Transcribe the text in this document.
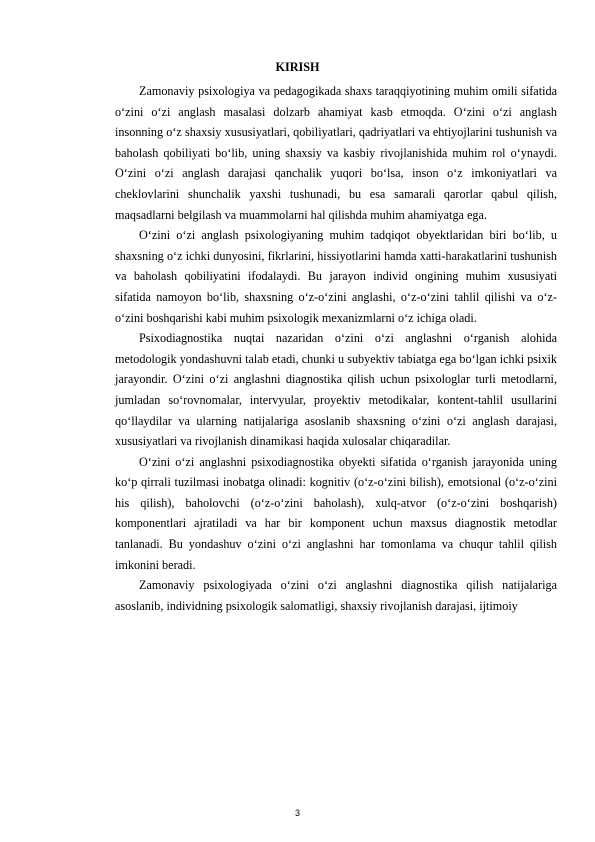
KIRISH

Zamonaviy psixologiya va pedagogikada shaxs taraqqiyotining muhim omili sifatida o‘zini o‘zi anglash masalasi dolzarb ahamiyat kasb etmoqda. O‘zini o‘zi anglash insonning o‘z shaxsiy xususiyatlari, qobiliyatlari, qadriyatlari va ehtiyojlarini tushunish va baholash qobiliyati bo‘lib, uning shaxsiy va kasbiy rivojlanishida muhim rol o‘ynaydi. O‘zini o‘zi anglash darajasi qanchalik yuqori bo‘lsa, inson o‘z imkoniyatlari va cheklovlarini shunchalik yaxshi tushunadi, bu esa samarali qarorlar qabul qilish, maqsadlarni belgilash va muammolarni hal qilishda muhim ahamiyatga ega.

O‘zini o‘zi anglash psixologiyaning muhim tadqiqot obyektlaridan biri bo‘lib, u shaxsning o‘z ichki dunyosini, fikrlarini, hissiyotlarini hamda xatti-harakatlarini tushunish va baholash qobiliyatini ifodalaydi. Bu jarayon individ ongining muhim xususiyati sifatida namoyon bo‘lib, shaxsning o‘z-o‘zini anglashi, o‘z-o‘zini tahlil qilishi va o‘z-o‘zini boshqarishi kabi muhim psixologik mexanizmlarni o‘z ichiga oladi.

Psixodiagnostika nuqtai nazaridan o‘zini o‘zi anglashni o‘rganish alohida metodologik yondashuvni talab etadi, chunki u subyektiv tabiatga ega bo‘lgan ichki psixik jarayondir. O‘zini o‘zi anglashni diagnostika qilish uchun psixologlar turli metodlarni, jumladan so‘rovnomalar, intervyular, proyektiv metodikalar, kontent-tahlil usullarini qo‘llaydilar va ularning natijalariga asoslanib shaxsning o‘zini o‘zi anglash darajasi, xususiyatlari va rivojlanish dinamikasi haqida xulosalar chiqaradilar.

O‘zini o‘zi anglashni psixodiagnostika obyekti sifatida o‘rganish jarayonida uning ko‘p qirrali tuzilmasi inobatga olinadi: kognitiv (o‘z-o‘zini bilish), emotsional (o‘z-o‘zini his qilish), baholovchi (o‘z-o‘zini baholash), xulq-atvor (o‘z-o‘zini boshqarish) komponentlari ajratiladi va har bir komponent uchun maxsus diagnostik metodlar tanlanadi. Bu yondashuv o‘zini o‘zi anglashni har tomonlama va chuqur tahlil qilish imkonini beradi.

Zamonaviy psixologiyada o‘zini o‘zi anglashni diagnostika qilish natijalariga asoslanib, individning psixologik salomatligi, shaxsiy rivojlanish darajasi, ijtimoiy

3
